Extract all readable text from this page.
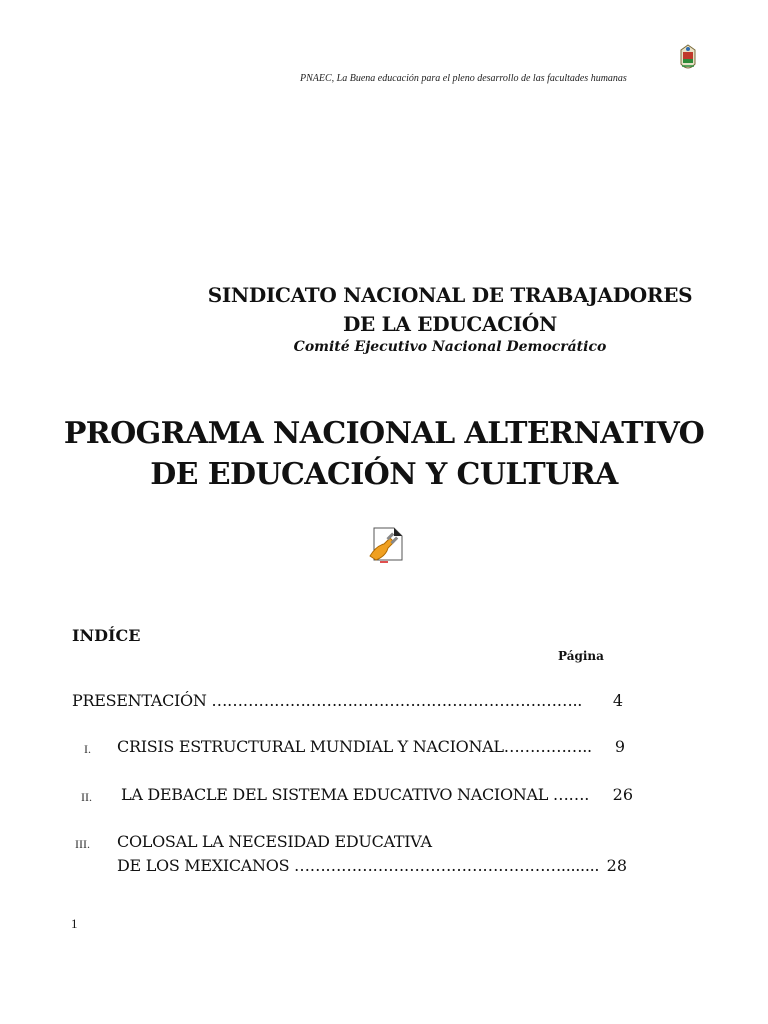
PNAEC, La Buena educación para el pleno desarrollo de las facultades humanas
SINDICATO NACIONAL DE TRABAJADORES
DE LA EDUCACIÓN
Comité Ejecutivo Nacional Democrático
PROGRAMA NACIONAL ALTERNATIVO
DE EDUCACIÓN Y CULTURA
INDÍCE
Página
PRESENTACIÓN ……………………………………………………………..	4
I. CRISIS ESTRUCTURAL MUNDIAL Y NACIONAL……………..	9
II. LA DEBACLE DEL SISTEMA EDUCATIVO NACIONAL …….	26
III. COLOSAL LA NECESIDAD EDUCATIVA
DE LOS MEXICANOS ……………………………………………........ 28
1
